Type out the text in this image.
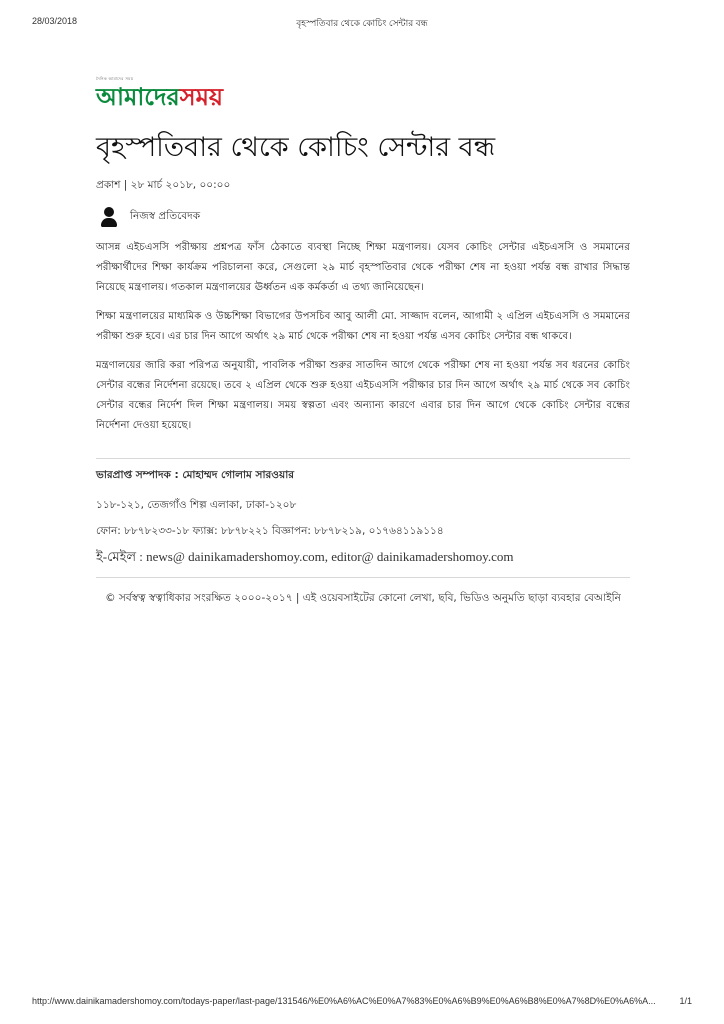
28/03/2018	বৃহস্পতিবার থেকে কোচিং সেন্টার বন্ধ
দৈনিক আমাদের সময়
আমাদেরসময়
বৃহস্পতিবার থেকে কোচিং সেন্টার বন্ধ
প্রকাশ | ২৮ মার্চ ২০১৮, ০০:০০
নিজস্ব প্রতিবেদক

আসন্ন এইচএসসি পরীক্ষায় প্রশ্নপত্র ফাঁস ঠেকাতে ব্যবস্থা নিচ্ছে শিক্ষা মন্ত্রণালয়। যেসব কোচিং সেন্টার এইচএসসি ও সমমানের পরীক্ষার্থীদের শিক্ষা কার্যক্রম পরিচালনা করে, সেগুলো ২৯ মার্চ বৃহস্পতিবার থেকে পরীক্ষা শেষ না হওয়া পর্যন্ত বন্ধ রাখার সিদ্ধান্ত নিয়েছে মন্ত্রণালয়। গতকাল মন্ত্রণালয়ের ঊর্ধ্বতন এক কর্মকর্তা এ তথ্য জানিয়েছেন।

শিক্ষা মন্ত্রণালয়ের মাধ্যমিক ও উচ্চশিক্ষা বিভাগের উপসচিব আবু আলী মো. সাজ্জাদ বলেন, আগামী ২ এপ্রিল এইচএসসি ও সমমানের পরীক্ষা শুরু হবে। এর চার দিন আগে অর্থাৎ ২৯ মার্চ থেকে পরীক্ষা শেষ না হওয়া পর্যন্ত এসব কোচিং সেন্টার বন্ধ থাকবে।

মন্ত্রণালয়ের জারি করা পরিপত্র অনুযায়ী, পাবলিক পরীক্ষা শুরুর সাতদিন আগে থেকে পরীক্ষা শেষ না হওয়া পর্যন্ত সব ধরনের কোচিং সেন্টার বন্ধের নির্দেশনা রয়েছে। তবে ২ এপ্রিল থেকে শুরু হওয়া এইচএসসি পরীক্ষার চার দিন আগে অর্থাৎ ২৯ মার্চ থেকে সব কোচিং সেন্টার বন্ধের নির্দেশ দিল শিক্ষা মন্ত্রণালয়। সময় স্বল্পতা এবং অন্যান্য কারণে এবার চার দিন আগে থেকে কোচিং সেন্টার বন্ধের নির্দেশনা দেওয়া হয়েছে।

ভারপ্রাপ্ত সম্পাদক : মোহাম্মদ গোলাম সারওয়ার
১১৮-১২১, তেজগাঁও শিল্প এলাকা, ঢাকা-১২০৮
ফোন: ৮৮৭৮২৩৩-১৮ ফ্যাক্স: ৮৮৭৮২২১ বিজ্ঞাপন: ৮৮৭৮২১৯, ০১৭৬৪১১৯১১৪
ই-মেইল : news@ dainikamadershomoy.com, editor@ dainikamadershomoy.com
© সর্বস্বত্ব স্বত্বাধিকার সংরক্ষিত ২০০০-২০১৭ | এই ওয়েবসাইটের কোনো লেখা, ছবি, ভিডিও অনুমতি ছাড়া ব্যবহার বেআইনি
http://www.dainikamadershomoy.com/todays-paper/last-page/131546/%E0%A6%AC%E0%A7%83%E0%A6%B9%E0%A6%B8%E0%A7%8D%E0%A6%A...	1/1
